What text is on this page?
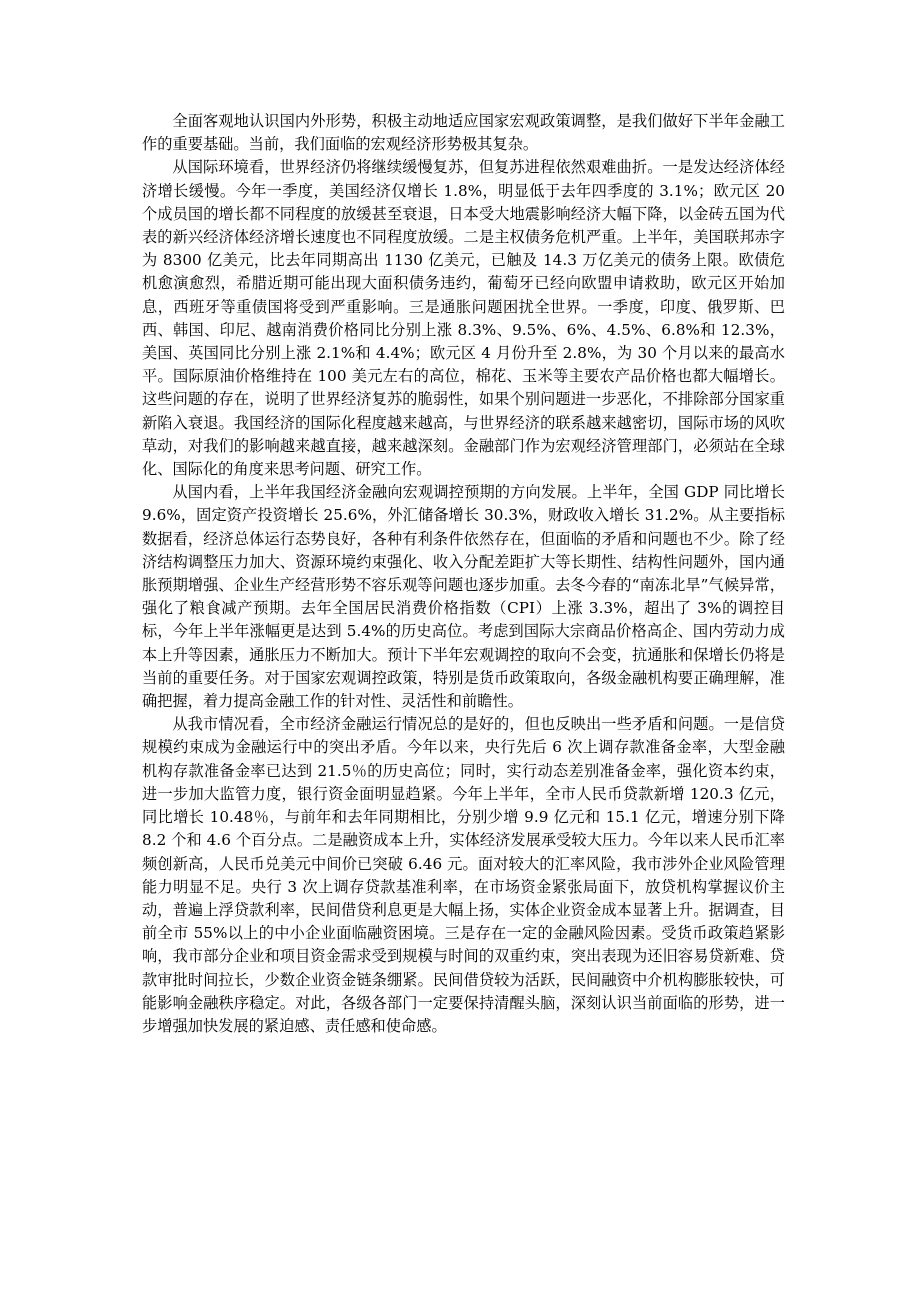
全面客观地认识国内外形势，积极主动地适应国家宏观政策调整，是我们做好下半年金融工作的重要基础。当前，我们面临的宏观经济形势极其复杂。

从国际环境看，世界经济仍将继续缓慢复苏，但复苏进程依然艰难曲折。一是发达经济体经济增长缓慢。今年一季度，美国经济仅增长 1.8%，明显低于去年四季度的 3.1%；欧元区 20 个成员国的增长都不同程度的放缓甚至衰退，日本受大地震影响经济大幅下降，以金砖五国为代表的新兴经济体经济增长速度也不同程度放缓。二是主权债务危机严重。上半年，美国联邦赤字为 8300 亿美元，比去年同期高出 1130 亿美元，已触及 14.3 万亿美元的债务上限。欧债危机愈演愈烈，希腊近期可能出现大面积债务违约，葡萄牙已经向欧盟申请救助，欧元区开始加息，西班牙等重债国将受到严重影响。三是通胀问题困扰全世界。一季度，印度、俄罗斯、巴西、韩国、印尼、越南消费价格同比分别上涨 8.3%、9.5%、6%、4.5%、6.8%和 12.3%，美国、英国同比分别上涨 2.1%和 4.4%；欧元区 4 月份升至 2.8%，为 30 个月以来的最高水平。国际原油价格维持在 100 美元左右的高位，棉花、玉米等主要农产品价格也都大幅增长。这些问题的存在，说明了世界经济复苏的脆弱性，如果个别问题进一步恶化，不排除部分国家重新陷入衰退。我国经济的国际化程度越来越高，与世界经济的联系越来越密切，国际市场的风吹草动，对我们的影响越来越直接，越来越深刻。金融部门作为宏观经济管理部门，必须站在全球化、国际化的角度来思考问题、研究工作。

从国内看，上半年我国经济金融向宏观调控预期的方向发展。上半年，全国 GDP 同比增长 9.6%，固定资产投资增长 25.6%，外汇储备增长 30.3%，财政收入增长 31.2%。从主要指标数据看，经济总体运行态势良好，各种有利条件依然存在，但面临的矛盾和问题也不少。除了经济结构调整压力加大、资源环境约束强化、收入分配差距扩大等长期性、结构性问题外，国内通胀预期增强、企业生产经营形势不容乐观等问题也逐步加重。去冬今春的“南冻北旱”气候异常，强化了粮食减产预期。去年全国居民消费价格指数（CPI）上涨 3.3%，超出了 3%的调控目标，今年上半年涨幅更是达到 5.4%的历史高位。考虑到国际大宗商品价格高企、国内劳动力成本上升等因素，通胀压力不断加大。预计下半年宏观调控的取向不会变，抗通胀和保增长仍将是当前的重要任务。对于国家宏观调控政策，特别是货币政策取向，各级金融机构要正确理解，准确把握，着力提高金融工作的针对性、灵活性和前瞻性。

从我市情况看，全市经济金融运行情况总的是好的，但也反映出一些矛盾和问题。一是信贷规模约束成为金融运行中的突出矛盾。今年以来，央行先后 6 次上调存款准备金率，大型金融机构存款准备金率已达到 21.5％的历史高位；同时，实行动态差别准备金率，强化资本约束，进一步加大监管力度，银行资金面明显趋紧。今年上半年，全市人民币贷款新增 120.3 亿元，同比增长 10.48％，与前年和去年同期相比，分别少增 9.9 亿元和 15.1 亿元，增速分别下降 8.2 个和 4.6 个百分点。二是融资成本上升，实体经济发展承受较大压力。今年以来人民币汇率频创新高，人民币兑美元中间价已突破 6.46 元。面对较大的汇率风险，我市涉外企业风险管理能力明显不足。央行 3 次上调存贷款基准利率，在市场资金紧张局面下，放贷机构掌握议价主动，普遍上浮贷款利率，民间借贷利息更是大幅上扬，实体企业资金成本显著上升。据调查，目前全市 55%以上的中小企业面临融资困境。三是存在一定的金融风险因素。受货币政策趋紧影响，我市部分企业和项目资金需求受到规模与时间的双重约束，突出表现为还旧容易贷新难、贷款审批时间拉长，少数企业资金链条绷紧。民间借贷较为活跃，民间融资中介机构膨胀较快，可能影响金融秩序稳定。对此，各级各部门一定要保持清醒头脑，深刻认识当前面临的形势，进一步增强加快发展的紧迫感、责任感和使命感。
